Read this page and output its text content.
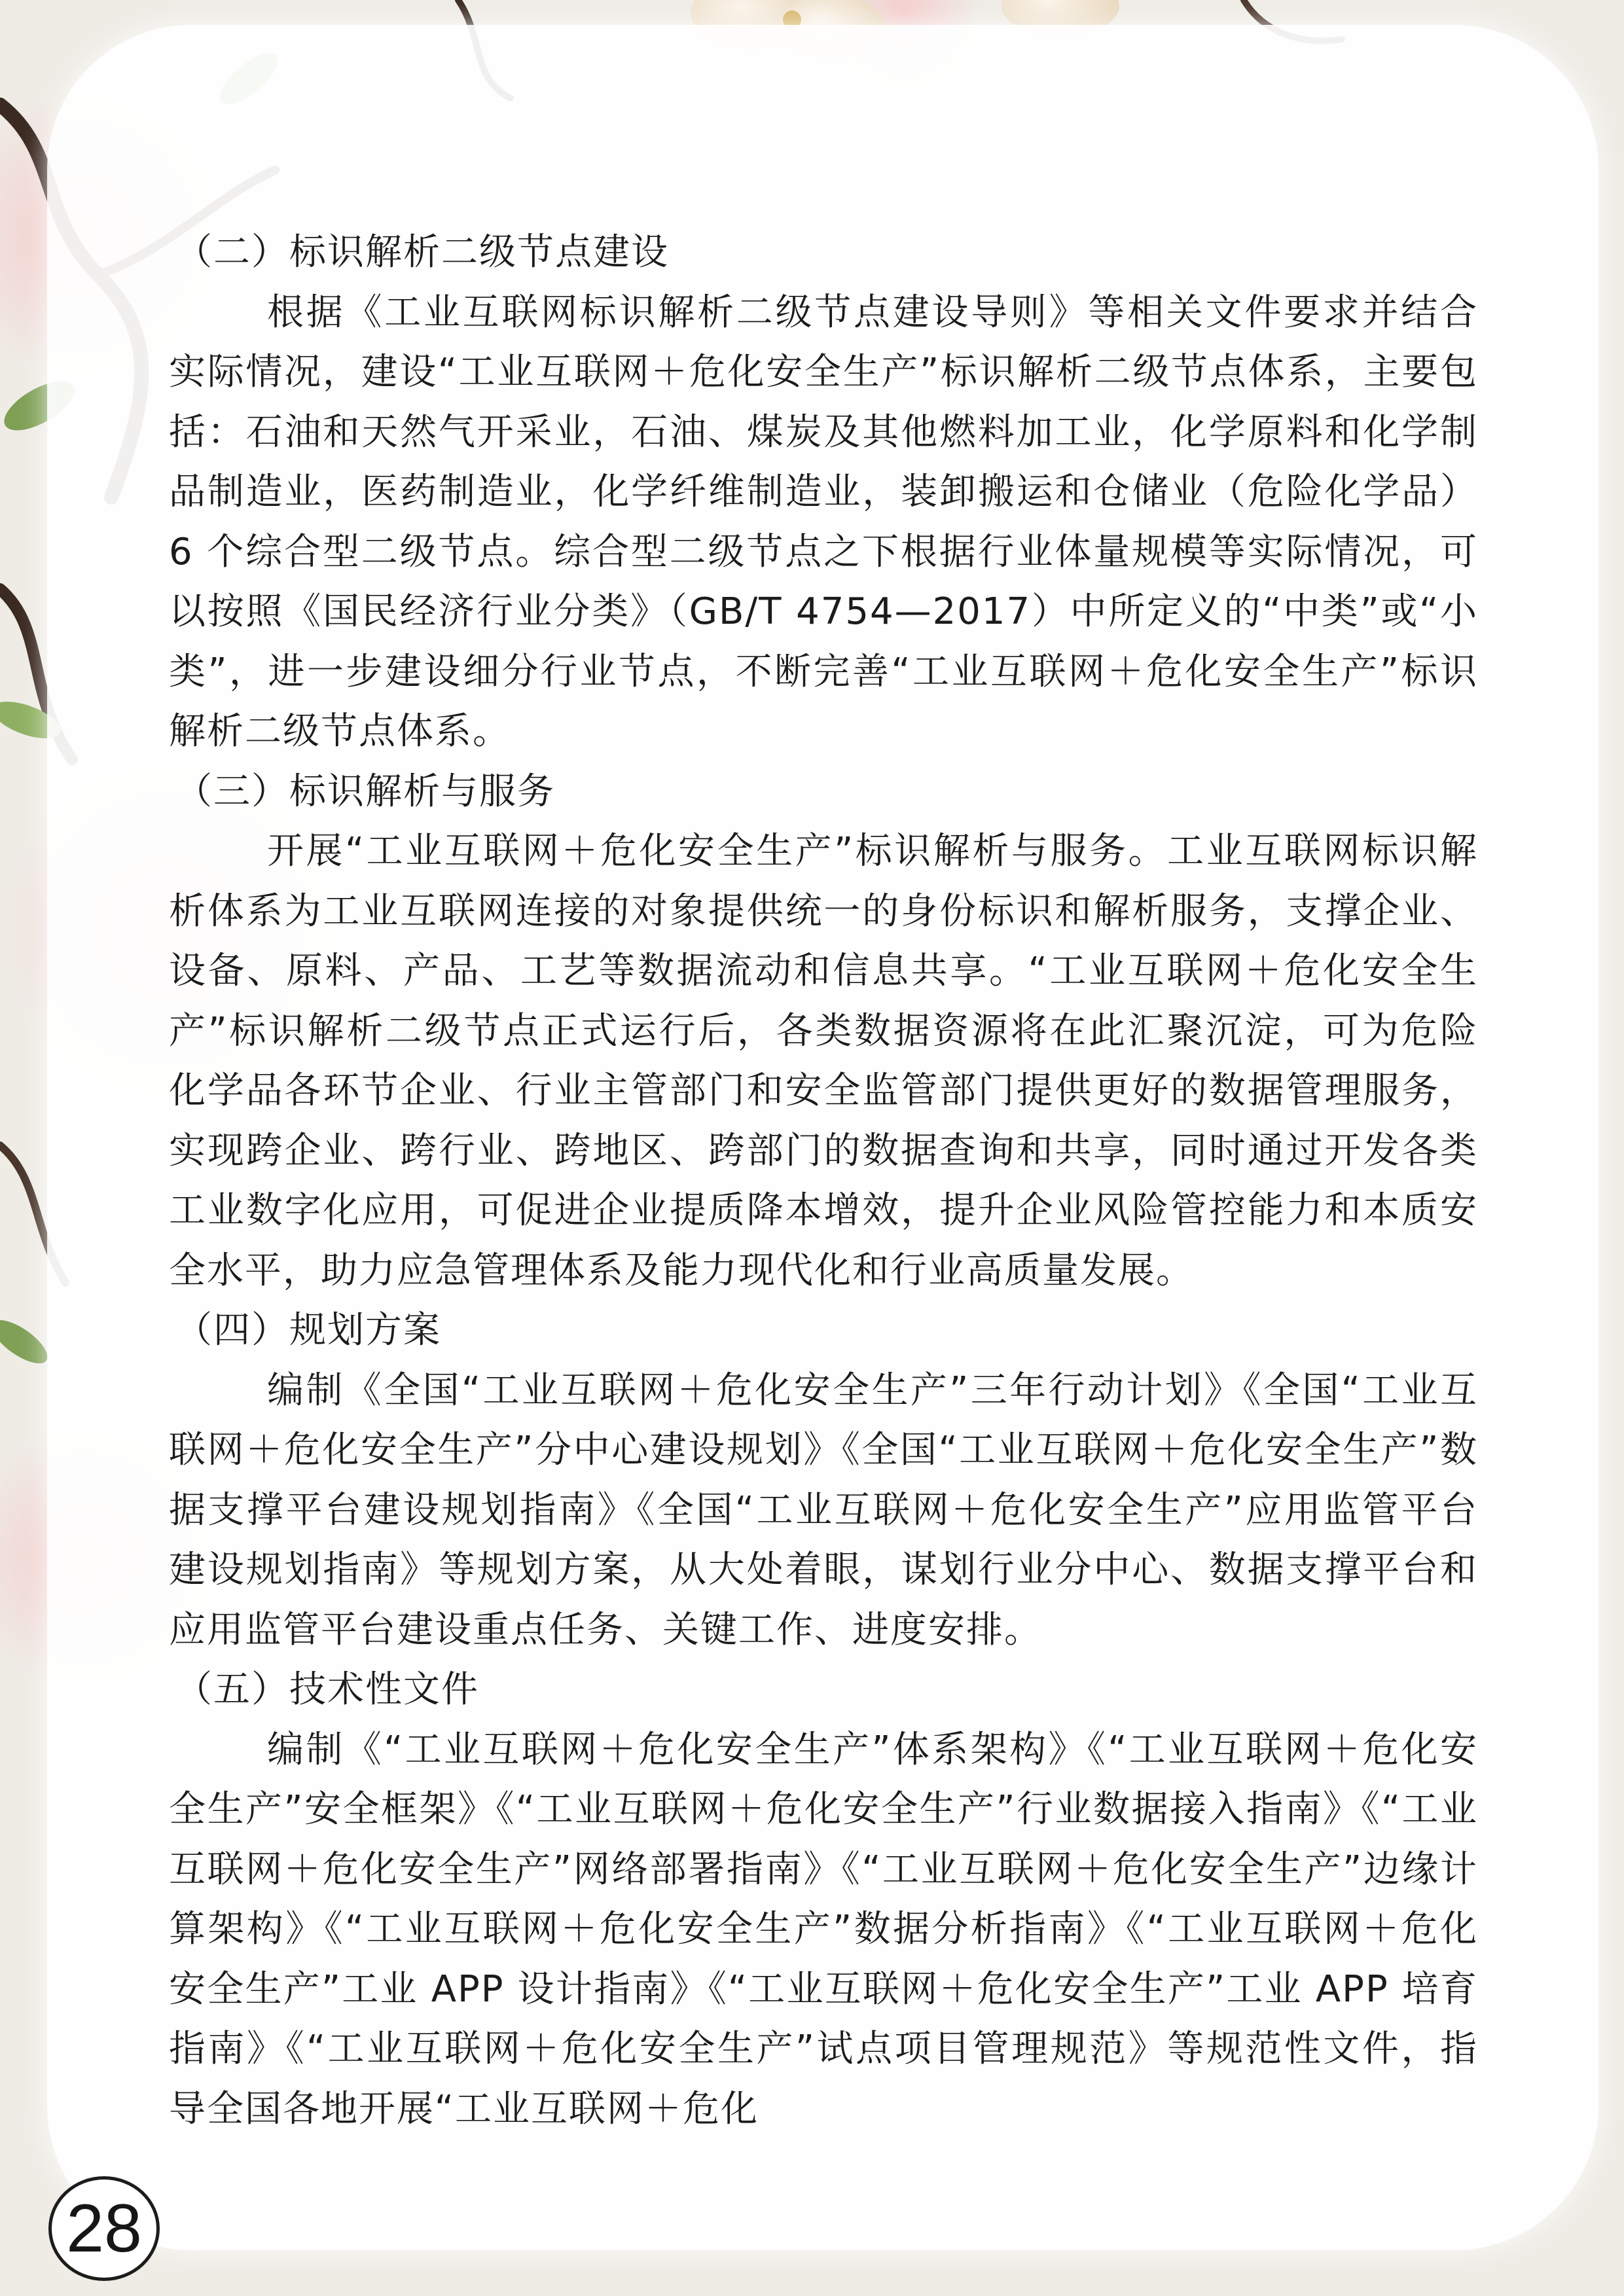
（二）标识解析二级节点建设

根据《工业互联网标识解析二级节点建设导则》等相关文件要求并结合实际情况，建设“工业互联网＋危化安全生产”标识解析二级节点体系，主要包括：石油和天然气开采业，石油、煤炭及其他燃料加工业，化学原料和化学制品制造业，医药制造业，化学纤维制造业，装卸搬运和仓储业（危险化学品）6 个综合型二级节点。综合型二级节点之下根据行业体量规模等实际情况，可以按照《国民经济行业分类》（GB/T 4754—2017）中所定义的“中类”或“小类”，进一步建设细分行业节点，不断完善“工业互联网＋危化安全生产”标识解析二级节点体系。

（三）标识解析与服务

开展“工业互联网＋危化安全生产”标识解析与服务。工业互联网标识解析体系为工业互联网连接的对象提供统一的身份标识和解析服务，支撑企业、设备、原料、产品、工艺等数据流动和信息共享。“工业互联网＋危化安全生产”标识解析二级节点正式运行后，各类数据资源将在此汇聚沉淀，可为危险化学品各环节企业、行业主管部门和安全监管部门提供更好的数据管理服务，实现跨企业、跨行业、跨地区、跨部门的数据查询和共享，同时通过开发各类工业数字化应用，可促进企业提质降本增效，提升企业风险管控能力和本质安全水平，助力应急管理体系及能力现代化和行业高质量发展。

（四）规划方案

编制《全国“工业互联网＋危化安全生产”三年行动计划》《全国“工业互联网＋危化安全生产”分中心建设规划》《全国“工业互联网＋危化安全生产”数据支撑平台建设规划指南》《全国“工业互联网＋危化安全生产”应用监管平台建设规划指南》等规划方案，从大处着眼，谋划行业分中心、数据支撑平台和应用监管平台建设重点任务、关键工作、进度安排。

（五）技术性文件

编制《“工业互联网＋危化安全生产”体系架构》《“工业互联网＋危化安全生产”安全框架》《“工业互联网＋危化安全生产”行业数据接入指南》《“工业互联网＋危化安全生产”网络部署指南》《“工业互联网＋危化安全生产”边缘计算架构》《“工业互联网＋危化安全生产”数据分析指南》《“工业互联网＋危化安全生产”工业 APP 设计指南》《“工业互联网＋危化安全生产”工业 APP 培育指南》《“工业互联网＋危化安全生产”试点项目管理规范》等规范性文件，指导全国各地开展“工业互联网＋危化

28
